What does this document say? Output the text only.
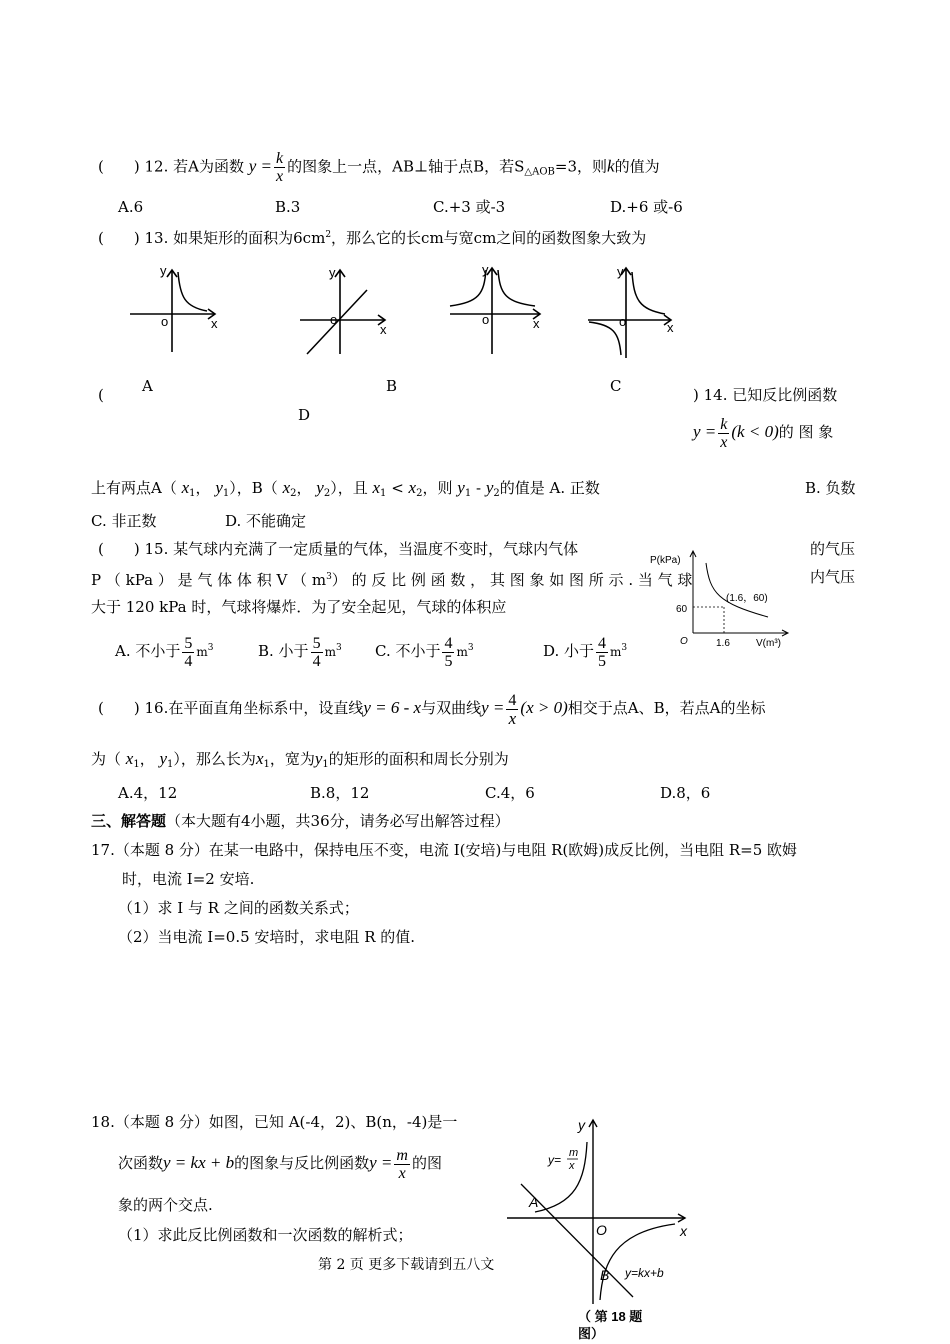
(　　) 12. 若A为函数 $y = \frac{k}{x}$ 的图象上一点，AB⊥轴于点B，若$S_{\triangle AOB}=3$，则k的值为
A.6	B.3	C.+3 或-3	D.+6 或-6
(　　) 13. 如果矩形的面积为$6cm^2$，那么它的长cm与宽cm之间的函数图象大致为
y
x
o
y
x
o
y
x
o
y
x
o
A	B	C
D
(	) 14. 已知反比例函数
$y = \frac{k}{x} (k < 0)$的 图 象
上有两点A（ $x_1$， $y_1$），B（ $x_2$， $y_2$），且 $x_1 < x_2$，则 $y_1 - y_2$的值是 A. 正数	B. 负数
C. 非正数	D. 不能确定
(　　) 15. 某气球内充满了一定质量的气体，当温度不变时，气球内气体	的气压
P （ kPa ） 是 气 体 体 积 V （ $m^3$） 的 反 比 例 函 数 ， 其 图 象 如 图 所 示 . 当 气 球	内气压
大于 120 kPa 时，气球将爆炸．为了安全起见，气球的体积应
P(kPa)
V(m³)
(1.6，60)
60
1.6
O
A. 不小于 $\frac{5}{4} m^3$	B. 小于 $\frac{5}{4} m^3$ C. 不小于 $\frac{4}{5} m^3$	D. 小于 $\frac{4}{5} m^3$
(　　) 16.在平面直角坐标系中，设直线y = 6 - x与双曲线$y = \frac{4}{x} (x > 0)$相交于点A、B，若点A的坐标
为（ $x_1$， $y_1$），那么长为$x_1$，宽为$y_1$的矩形的面积和周长分别为
A.4，12	B.8，12	C.4，6	D.8，6
三、解答题（本大题有4小题，共36分，请务必写出解答过程）
17.（本题 8 分）在某一电路中，保持电压不变，电流 I(安培)与电阻 R(欧姆)成反比例，当电阻 R=5 欧姆
时，电流 I=2 安培.
（1）求 I 与 R 之间的函数关系式；
（2）当电流 I=0.5 安培时，求电阻 R 的值.
18.（本题 8 分）如图，已知 A(-4，2)、B(n，-4)是一
次函数y = kx + b的图象与反比例函数$y = \frac{m}{x}$ 的图
象的两个交点.
（1）求此反比例函数和一次函数的解析式；
y
x
O
A
B
y= m
x
y=kx+b
（ 第 18 题
图）
第 2 页 更多下载请到五八文
